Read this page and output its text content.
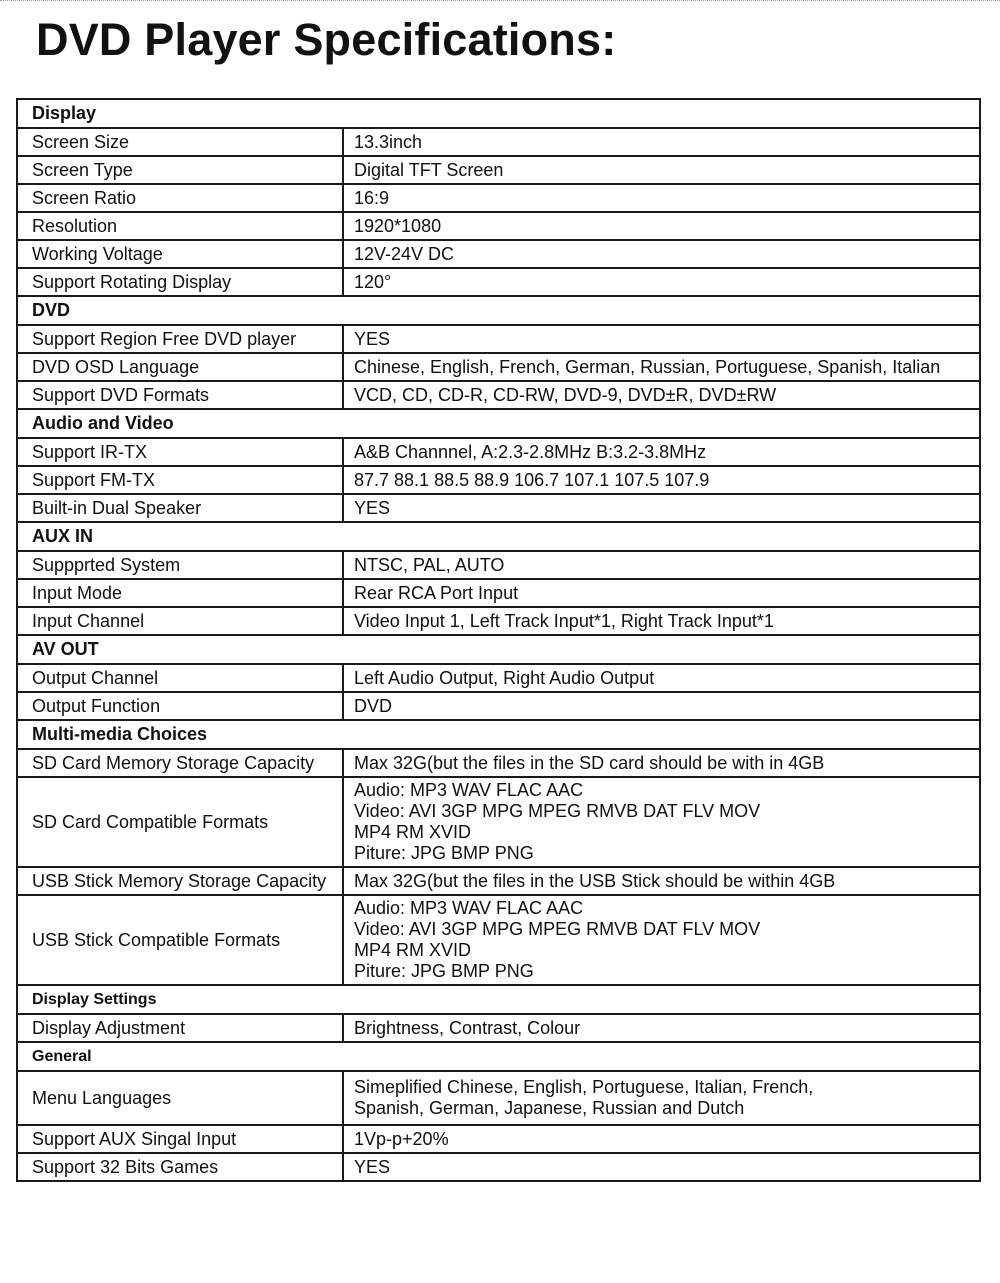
DVD Player Specifications:
Display	
Screen Size	13.3inch
Screen Type	Digital TFT Screen
Screen Ratio	16:9
Resolution	1920*1080
Working Voltage	12V-24V DC
Support Rotating Display	120°
DVD	
Support Region Free DVD player	YES
DVD OSD Language	Chinese, English, French, German, Russian, Portuguese, Spanish, Italian
Support DVD Formats	VCD, CD, CD-R, CD-RW, DVD-9, DVD±R, DVD±RW
Audio and Video	
Support IR-TX	A&B Channnel, A:2.3-2.8MHz B:3.2-3.8MHz
Support FM-TX	87.7 88.1 88.5 88.9 106.7 107.1 107.5 107.9
Built-in Dual Speaker	YES
AUX IN	
Suppprted System	NTSC, PAL, AUTO
Input Mode	Rear RCA Port Input
Input Channel	Video Input 1, Left Track Input*1, Right Track Input*1
AV OUT	
Output Channel	Left Audio Output, Right Audio Output
Output Function	DVD
Multi-media Choices	
SD Card Memory Storage Capacity	Max 32G(but the files in the SD card should be with in 4GB
SD Card Compatible Formats	Audio: MP3 WAV FLAC AAC
Video: AVI 3GP MPG MPEG RMVB DAT FLV MOV
MP4 RM XVID
Piture: JPG BMP PNG

USB Stick Memory Storage Capacity	Max 32G(but the files in the USB Stick should be within 4GB
USB Stick Compatible Formats	Audio: MP3 WAV FLAC AAC
Video: AVI 3GP MPG MPEG RMVB DAT FLV MOV
MP4 RM XVID
Piture: JPG BMP PNG

Display Settings	
Display Adjustment	Brightness, Contrast, Colour
General	
Menu Languages	Simeplified Chinese, English, Portuguese, Italian, French,
Spanish, German, Japanese, Russian and Dutch

Support AUX Singal Input	1Vp-p+20%
Support 32 Bits Games	YES
